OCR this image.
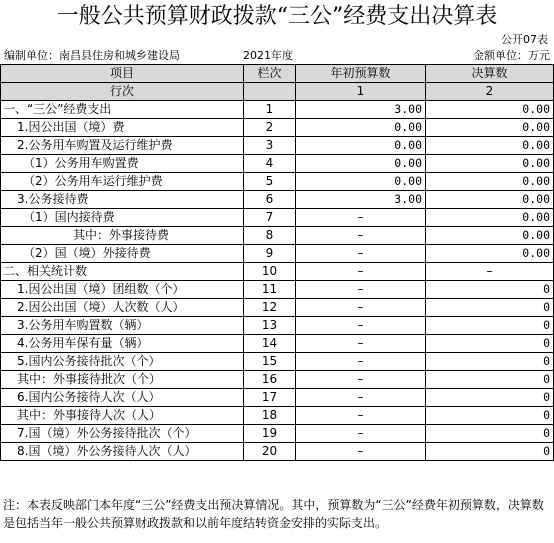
一般公共预算财政拨款“三公”经费支出决算表
公开07表
编制单位：南昌县住房和城乡建设局	2021年度	金额单位：万元
项目	栏次	年初预算数	决算数
行次		1	2
一、“三公”经费支出	1	3.00	0.00
1.因公出国（境）费	2	0.00	0.00
2.公务用车购置及运行维护费	3	0.00	0.00
（1）公务用车购置费	4	0.00	0.00
（2）公务用车运行维护费	5	0.00	0.00
3.公务接待费	6	3.00	0.00
（1）国内接待费	7	–	0.00
其中：外事接待费	8	–	0.00
（2）国（境）外接待费	9	–	0.00
二、相关统计数	10	–	–
1.因公出国（境）团组数（个）	11	–	0
2.因公出国（境）人次数（人）	12	–	0
3.公务用车购置数（辆）	13	–	0
4.公务用车保有量（辆）	14	–	0
5.国内公务接待批次（个）	15	–	0
其中：外事接待批次（个）	16	–	0
6.国内公务接待人次（人）	17	–	0
其中：外事接待人次（人）	18	–	0
7.国（境）外公务接待批次（个）	19	–	0
8.国（境）外公务接待人次（人）	20	–	0
注：本表反映部门本年度“三公”经费支出预决算情况。其中，预算数为“三公”经费年初预算数，决算数是包括当年一般公共预算财政拨款和以前年度结转资金安排的实际支出。
